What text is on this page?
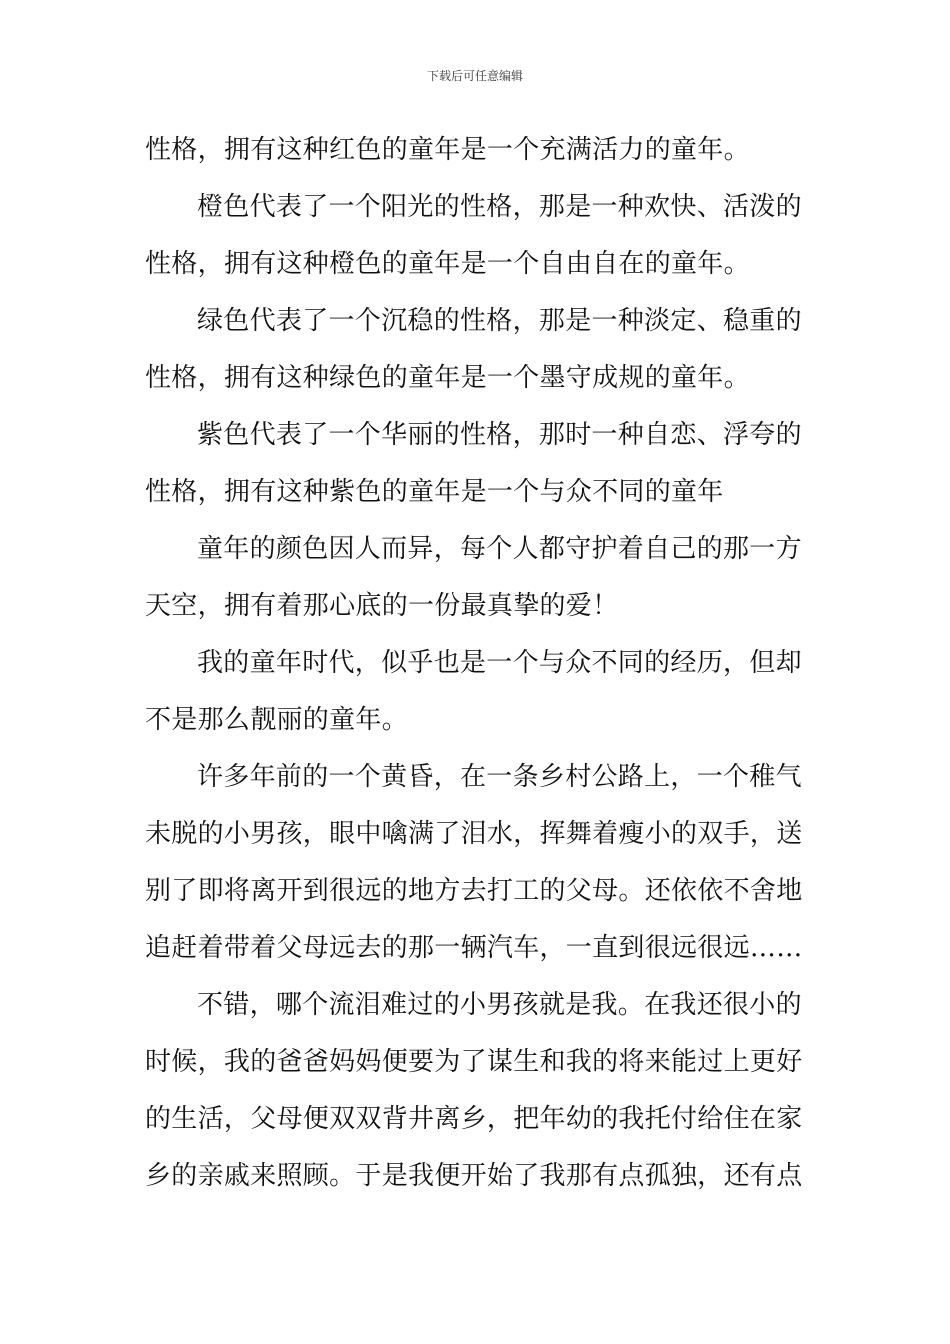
下载后可任意编辑
性格，拥有这种红色的童年是一个充满活力的童年。
橙色代表了一个阳光的性格，那是一种欢快、活泼的
性格，拥有这种橙色的童年是一个自由自在的童年。
绿色代表了一个沉稳的性格，那是一种淡定、稳重的
性格，拥有这种绿色的童年是一个墨守成规的童年。
紫色代表了一个华丽的性格，那时一种自恋、浮夸的
性格，拥有这种紫色的童年是一个与众不同的童年
童年的颜色因人而异，每个人都守护着自己的那一方
天空，拥有着那心底的一份最真挚的爱！
我的童年时代，似乎也是一个与众不同的经历，但却
不是那么靓丽的童年。
许多年前的一个黄昏，在一条乡村公路上，一个稚气
未脱的小男孩，眼中噙满了泪水，挥舞着瘦小的双手，送
别了即将离开到很远的地方去打工的父母。还依依不舍地
追赶着带着父母远去的那一辆汽车，一直到很远很远……
不错，哪个流泪难过的小男孩就是我。在我还很小的
时候，我的爸爸妈妈便要为了谋生和我的将来能过上更好
的生活，父母便双双背井离乡，把年幼的我托付给住在家
乡的亲戚来照顾。于是我便开始了我那有点孤独，还有点
